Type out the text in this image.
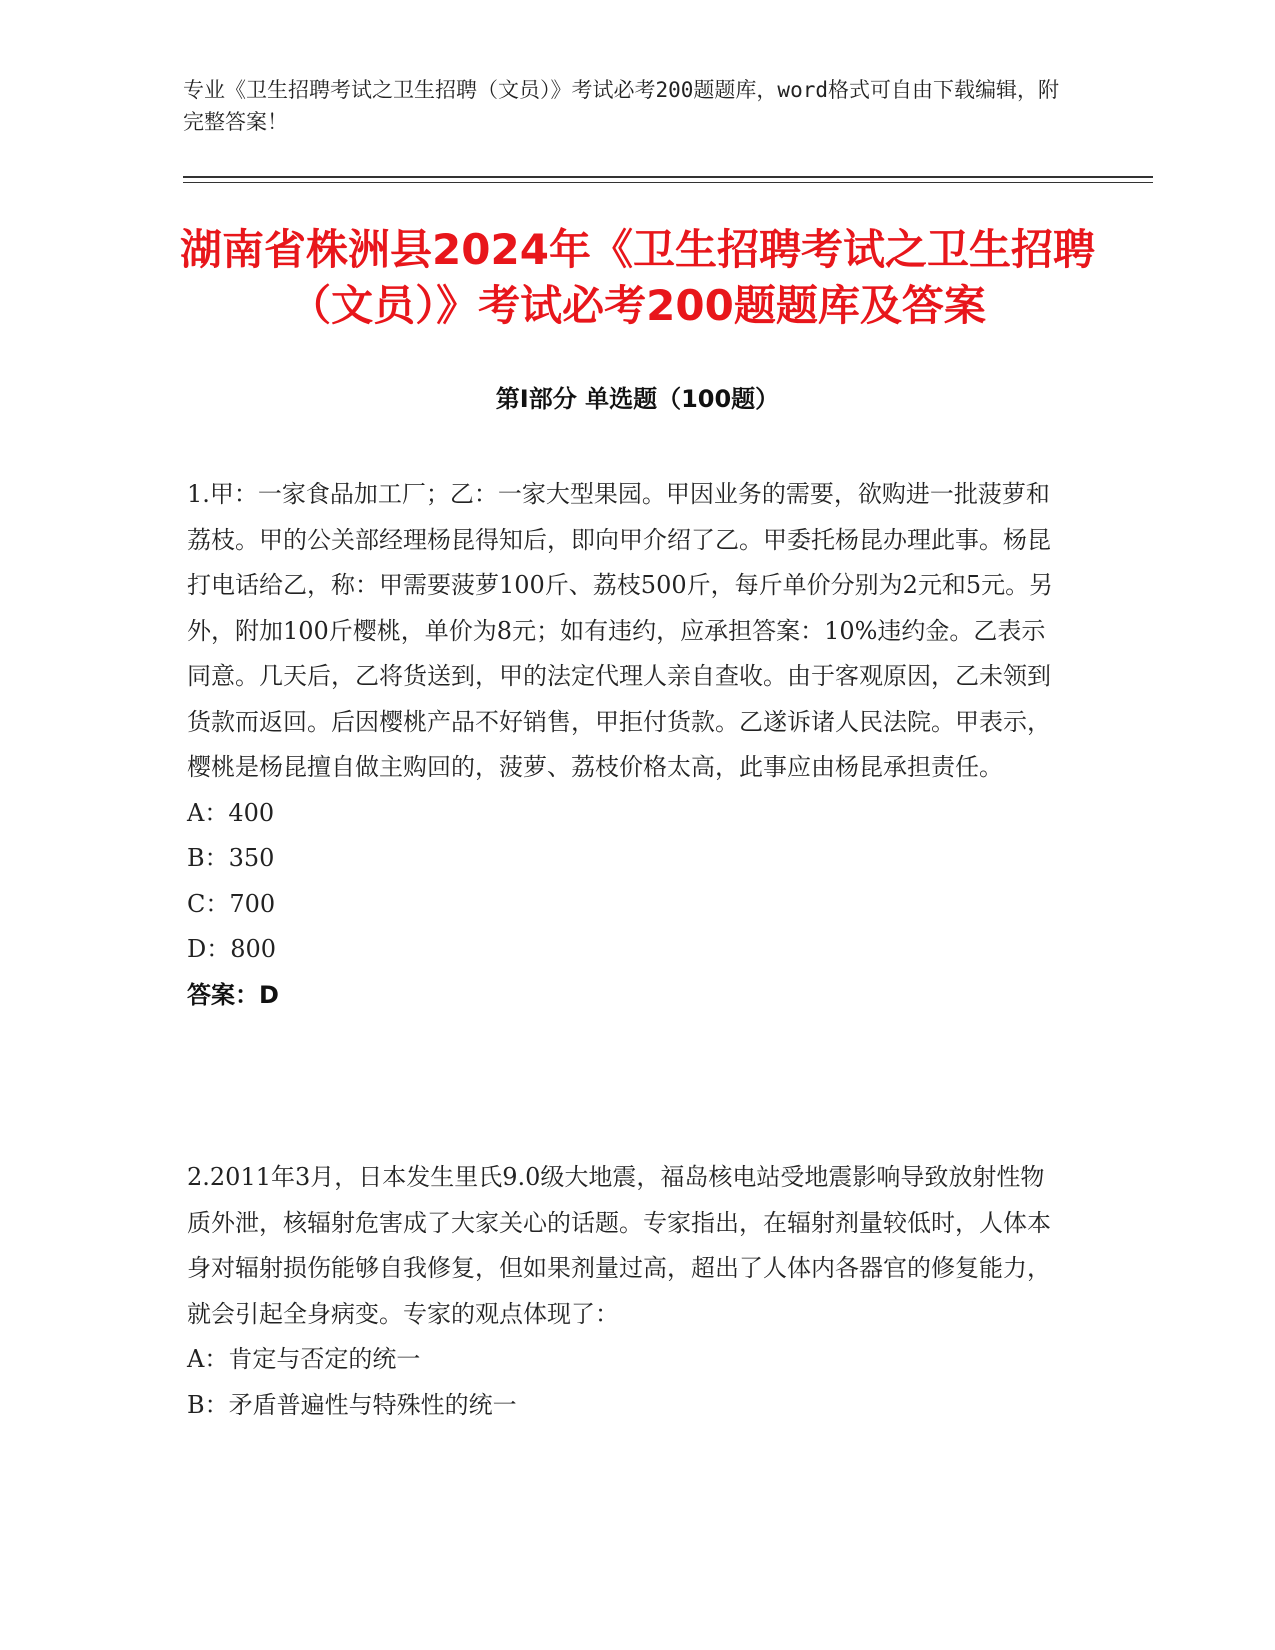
专业《卫生招聘考试之卫生招聘（文员）》考试必考200题题库，word格式可自由下载编辑，附完整答案！
湖南省株洲县2024年《卫生招聘考试之卫生招聘（文员）》考试必考200题题库及答案
第Ⅰ部分 单选题（100题）

1.甲：一家食品加工厂；乙：一家大型果园。甲因业务的需要，欲购进一批菠萝和荔枝。甲的公关部经理杨昆得知后，即向甲介绍了乙。甲委托杨昆办理此事。杨昆打电话给乙，称：甲需要菠萝100斤、荔枝500斤，每斤单价分别为2元和5元。另外，附加100斤樱桃，单价为8元；如有违约，应承担答案：10%违约金。乙表示同意。几天后，乙将货送到，甲的法定代理人亲自查收。由于客观原因，乙未领到货款而返回。后因樱桃产品不好销售，甲拒付货款。乙遂诉诸人民法院。甲表示，樱桃是杨昆擅自做主购回的，菠萝、荔枝价格太高，此事应由杨昆承担责任。

A：400

B：350

C：700

D：800

答案：D

2.2011年3月，日本发生里氏9.0级大地震，福岛核电站受地震影响导致放射性物质外泄，核辐射危害成了大家关心的话题。专家指出，在辐射剂量较低时，人体本身对辐射损伤能够自我修复，但如果剂量过高，超出了人体内各器官的修复能力，就会引起全身病变。专家的观点体现了：

A：肯定与否定的统一

B：矛盾普遍性与特殊性的统一
